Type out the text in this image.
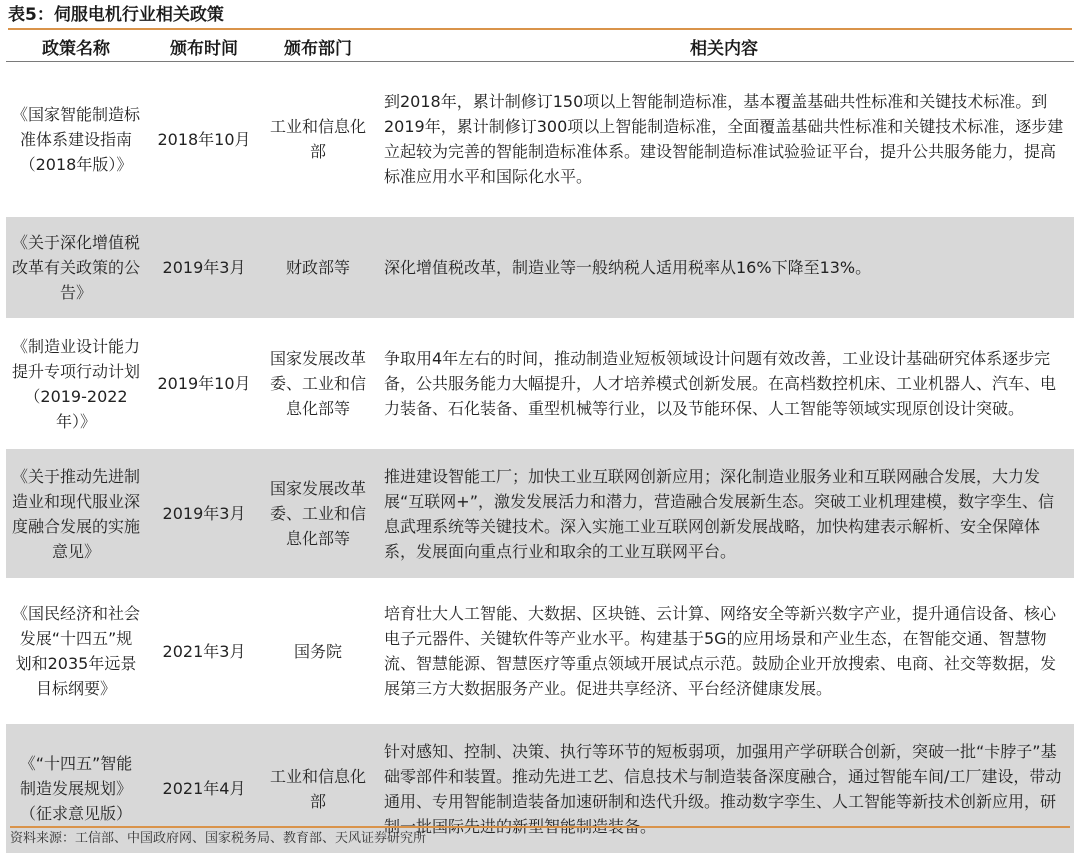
表5：伺服电机行业相关政策
政策名称	颁布时间	颁布部门	相关内容

《国家智能制造标准体系建设指南（2018年版）》	2018年10月	工业和信息化部	到2018年，累计制修订150项以上智能制造标准，基本覆盖基础共性标准和关键技术标准。到2019年，累计制修订300项以上智能制造标准，全面覆盖基础共性标准和关键技术标准，逐步建立起较为完善的智能制造标准体系。建设智能制造标准试验验证平台，提升公共服务能力，提高标准应用水平和国际化水平。

《关于深化增值税改革有关政策的公告》	2019年3月	财政部等	深化增值税改革，制造业等一般纳税人适用税率从16%下降至13%。

《制造业设计能力提升专项行动计划（2019-2022年）》	2019年10月	国家发展改革委、工业和信息化部等	争取用4年左右的时间，推动制造业短板领域设计问题有效改善，工业设计基础研究体系逐步完备，公共服务能力大幅提升，人才培养模式创新发展。在高档数控机床、工业机器人、汽车、电力装备、石化装备、重型机械等行业，以及节能环保、人工智能等领域实现原创设计突破。

《关于推动先进制造业和现代服业深度融合发展的实施意见》	2019年3月	国家发展改革委、工业和信息化部等	推进建设智能工厂；加快工业互联网创新应用；深化制造业服务业和互联网融合发展，大力发展“互联网+”，激发发展活力和潜力，营造融合发展新生态。突破工业机理建模，数字孪生、信息武理系统等关键技术。深入实施工业互联网创新发展战略，加快构建表示解析、安全保障体系，发展面向重点行业和取余的工业互联网平台。

《国民经济和社会发展“十四五”规划和2035年远景目标纲要》	2021年3月	国务院	培育壮大人工智能、大数据、区块链、云计算、网络安全等新兴数字产业，提升通信设备、核心电子元器件、关键软件等产业水平。构建基于5G的应用场景和产业生态，在智能交通、智慧物流、智慧能源、智慧医疗等重点领域开展试点示范。鼓励企业开放搜索、电商、社交等数据，发展第三方大数据服务产业。促进共享经济、平台经济健康发展。

《“十四五”智能制造发展规划》（征求意见版）	2021年4月	工业和信息化部	针对感知、控制、决策、执行等环节的短板弱项，加强用产学研联合创新，突破一批“卡脖子”基础零部件和装置。推动先进工艺、信息技术与制造装备深度融合，通过智能车间/工厂建设，带动通用、专用智能制造装备加速研制和迭代升级。推动数字孪生、人工智能等新技术创新应用，研制一批国际先进的新型智能制造装备。
资料来源：工信部、中国政府网、国家税务局、教育部、天风证券研究所
